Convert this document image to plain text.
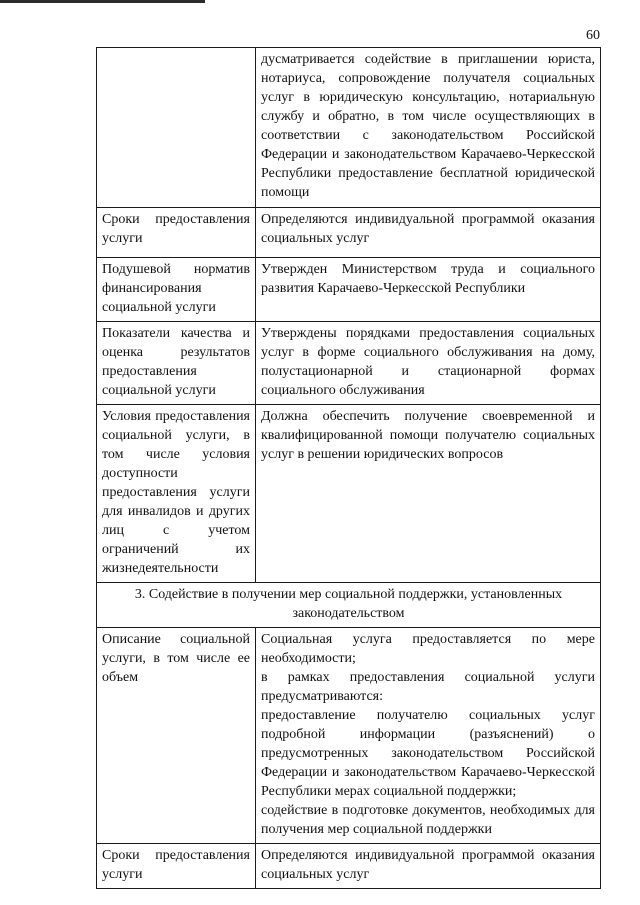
60
	дусматривается содействие в приглашении юриста, нотариуса, сопровождение получателя социальных услуг в юридическую консультацию, нотариальную службу и обратно, в том числе осуществляющих в соответствии с законодательством Российской Федерации и законодательством Карачаево-Черкесской Республики предоставление бесплатной юридической помощи
Сроки предоставления услуги	Определяются индивидуальной программой оказания социальных услуг
Подушевой норматив финансирования социальной услуги	Утвержден Министерством труда и социального развития Карачаево-Черкесской Республики
Показатели качества и оценка результатов предоставления социальной услуги	Утверждены порядками предоставления социальных услуг в форме социального обслуживания на дому, полустационарной и стационарной формах социального обслуживания
Условия предоставления социальной услуги, в том числе условия доступности предоставления услуги для инвалидов и других лиц с учетом ограничений их жизнедеятельности	Должна обеспечить получение своевременной и квалифицированной помощи получателю социальных услуг в решении юридических вопросов
3. Содействие в получении мер социальной поддержки, установленных законодательством	
Описание социальной услуги, в том числе ее объем	Социальная услуга предоставляется по мере необходимости;
в рамках предоставления социальной услуги предусматриваются:
предоставление получателю социальных услуг подробной информации (разъяснений) о предусмотренных законодательством Российской Федерации и законодательством Карачаево-Черкесской Республики мерах социальной поддержки;
содействие в подготовке документов, необходимых для получения мер социальной поддержки

Сроки предоставления услуги	Определяются индивидуальной программой оказания социальных услуг
